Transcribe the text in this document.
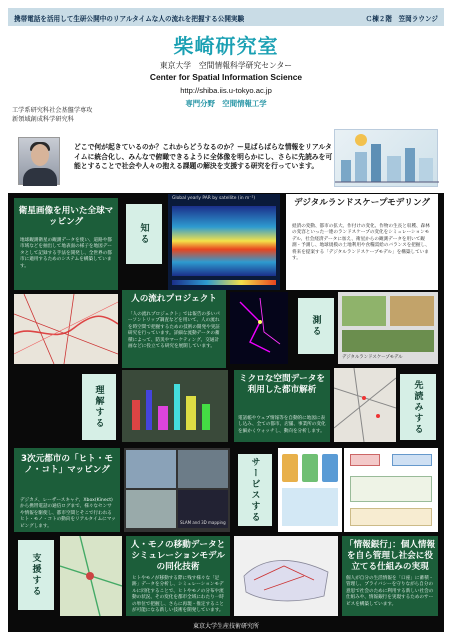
携帯電話を活用して生研公開中のリアルタイムな人の流れを把握する公開実験	Ｃ棟２階　笠岡ラウンジ
柴崎研究室
東京大学　空間情報科学研究センター
Center for Spatial Information Science
http://shiba.iis.u-tokyo.ac.jp
専門分野　空間情報工学
工学系研究科社会基盤学専攻
新領域創成科学研究科
どこで何が起きているのか？これからどうなるのか？ー見ばらばらな情報をリアルタイムに統合化し、みんなで俯瞰できるように全体像を明らかにし、さらに先読みを可能とすることで社会や人々の抱える課題の解決を支援する研究を行っています。
衛星画像を用いた全球マッピング
地球観測衛星の観測データを使い、道路や都市域などを抽出して地表面の様子を地図データとして記録する手法を開発し、全世界の都市に適用するためのシステムを構築しています。
知る
Global yearly PAR by satellite (in m⁻²)	デジタルランドスケープモデリング
経済の変動、都市の拡大、作付けの変化、作物の生長と収穫、森林の変容といった一連のランドスケープの変化をシミュレーションモデル、社会経済データに加え、衛星からの観測データを用いて観測・予測し、地球規模の土地利用や食糧需給のバランスを把握し、将来を提案する「デジタルランドスケープモデル」を構築しています。
人の流れプロジェクト
「人の流れプロジェクト」では報告の多いパーソントリップ調査などを用いて、人の流れを時空間で把握するための技術の開発や実証研究を行っています。詳細な流動データの蓄積によって、防災やマーケティング、交通計画などに役立てる研究を展開しています。
測る
デジタルランドスケープモデル
理解する
ミクロな空間データを利用した都市解析
電話帳やウェブ情報等を自動的に地図に表し込み、全ての都市、店舗、事業所の変化を細かくウォッチし、動向を分析します。	先読みする
3次元都市の「ヒト・モノ・コト」マッピング
デジカメ、レーザースキャナ、Xbox(Kinect)から携帯電話の通信ログまで、様々なセンサや情報を駆使し、都市空間とそこで行われるヒト・モノ・コトの動向をリアルタイムにマッピングします。
SLAM and 3D mapping	サービスする
支援する
人・モノの移動データとシミュレーションモデルの同化技術
ヒトやモノが移動する際に残す様々な「足跡」データを分析し、シミュレーションモデルに同化することで、ヒトやモノの分布や流動の状況、その変化を都市全域にわたり一時の単位で把握し、さらに再現・推定することが可能になる新しい技術を開発しています。
「情報銀行」：個人情報を自ら管理し社会に役立てる仕組みの実現
個人が自分の生活情報を「口座」に蓄積・管理し、プライバシーを守りながら自分の意思で社会のために利用する新しい社会の仕組みや、情報銀行を実現するためのサービスを構築しています。
東京大学生産技術研究所
